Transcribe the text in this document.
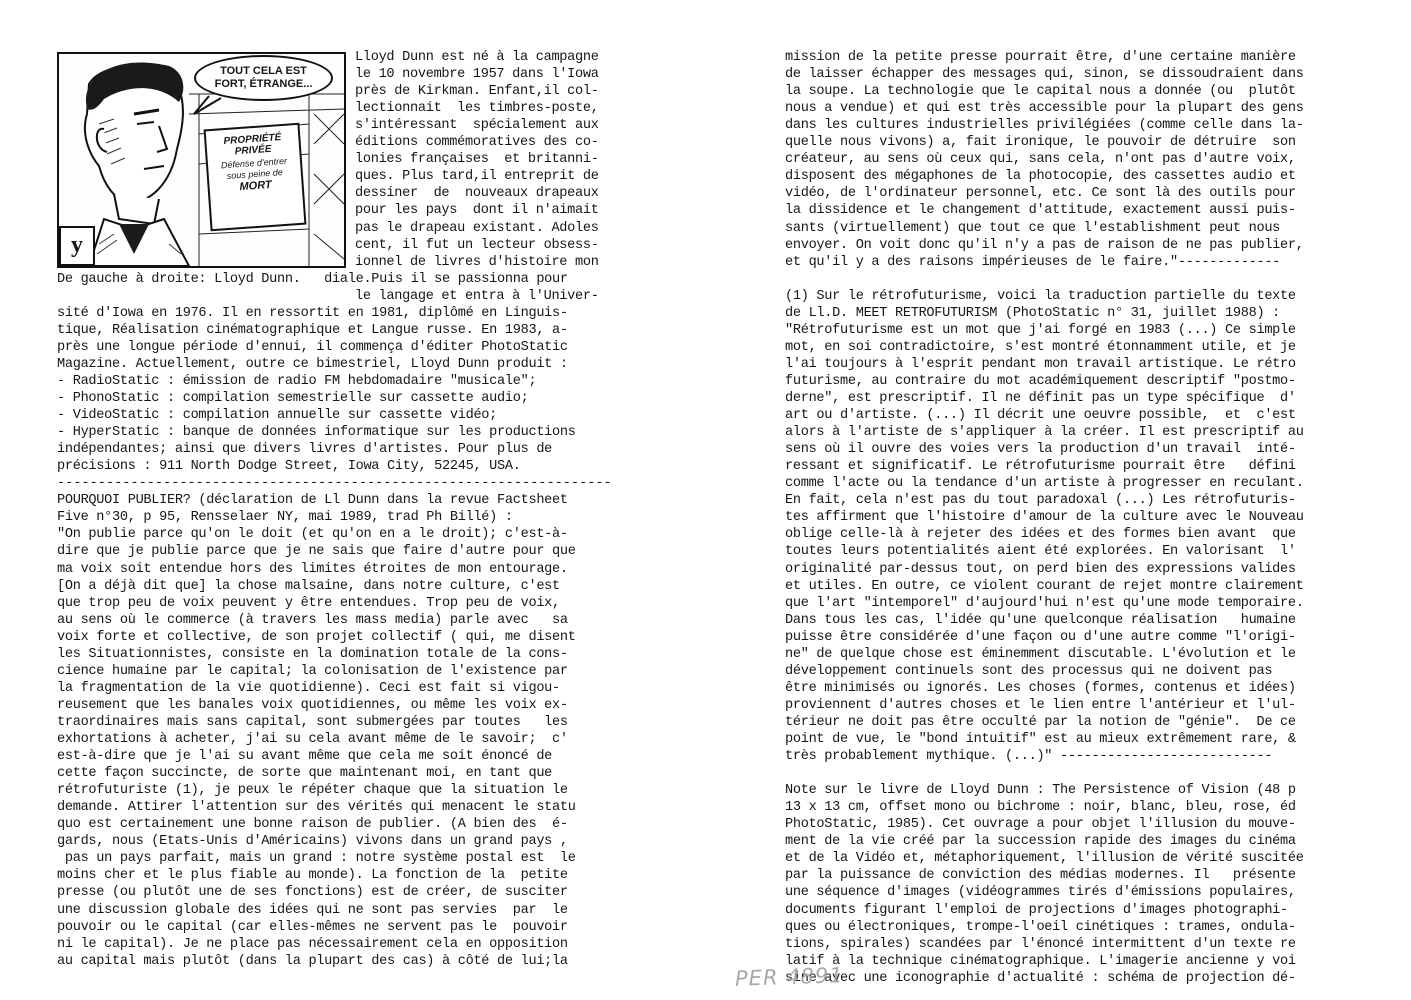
TOUT CELA EST
FORT, ÉTRANGE...
PROPRIÉTÉ
PRIVÉE
Défense d'entrer
sous peine de
MORT
y
Lloyd Dunn est né à la campagne
le 10 novembre 1957 dans l'Iowa
près de Kirkman. Enfant,il col-
lectionnait  les timbres-poste,
s'intéressant  spécialement aux
éditions commémoratives des co-
lonies françaises  et britanni-
ques. Plus tard,il entreprit de
dessiner  de  nouveaux drapeaux
pour les pays  dont il n'aimait
pas le drapeau existant. Adoles
cent, il fut un lecteur obsess-
ionnel de livres d'histoire mon
De gauche à droite: Lloyd Dunn.   diale.Puis il se passionna pour
le langage et entra à l'Univer-
sité d'Iowa en 1976. Il en ressortit en 1981, diplômé en Linguis-
tique, Réalisation cinématographique et Langue russe. En 1983, a-
près une longue période d'ennui, il commença d'éditer PhotoStatic
Magazine. Actuellement, outre ce bimestriel, Lloyd Dunn produit :
- RadioStatic : émission de radio FM hebdomadaire "musicale";
- PhonoStatic : compilation semestrielle sur cassette audio;
- VideoStatic : compilation annuelle sur cassette vidéo;
- HyperStatic : banque de données informatique sur les productions
indépendantes; ainsi que divers livres d'artistes. Pour plus de
précisions : 911 North Dodge Street, Iowa City, 52245, USA.
--------------------------------------------------------------------
POURQUOI PUBLIER? (déclaration de Ll Dunn dans la revue Factsheet
Five n°30, p 95, Rensselaer NY, mai 1989, trad Ph Billé) :
"On publie parce qu'on le doit (et qu'on en a le droit); c'est-à-
dire que je publie parce que je ne sais que faire d'autre pour que
ma voix soit entendue hors des limites étroites de mon entourage.
[On a déjà dit que] la chose malsaine, dans notre culture, c'est
que trop peu de voix peuvent y être entendues. Trop peu de voix,
au sens où le commerce (à travers les mass media) parle avec   sa
voix forte et collective, de son projet collectif ( qui, me disent
les Situationnistes, consiste en la domination totale de la cons-
cience humaine par le capital; la colonisation de l'existence par
la fragmentation de la vie quotidienne). Ceci est fait si vigou-
reusement que les banales voix quotidiennes, ou même les voix ex-
traordinaires mais sans capital, sont submergées par toutes   les
exhortations à acheter, j'ai su cela avant même de le savoir;  c'
est-à-dire que je l'ai su avant même que cela me soit énoncé de
cette façon succincte, de sorte que maintenant moi, en tant que
rétrofuturiste (1), je peux le répéter chaque que la situation le
demande. Attirer l'attention sur des vérités qui menacent le statu
quo est certainement une bonne raison de publier. (A bien des  é-
gards, nous (Etats-Unis d'Américains) vivons dans un grand pays ,
pas un pays parfait, mais un grand : notre système postal est  le
moins cher et le plus fiable au monde). La fonction de la  petite
presse (ou plutôt une de ses fonctions) est de créer, de susciter
une discussion globale des idées qui ne sont pas servies  par  le
pouvoir ou le capital (car elles-mêmes ne servent pas le  pouvoir
ni le capital). Je ne place pas nécessairement cela en opposition
au capital mais plutôt (dans la plupart des cas) à côté de lui;la
mission de la petite presse pourrait être, d'une certaine manière
de laisser échapper des messages qui, sinon, se dissoudraient dans
la soupe. La technologie que le capital nous a donnée (ou  plutôt
nous a vendue) et qui est très accessible pour la plupart des gens
dans les cultures industrielles privilégiées (comme celle dans la-
quelle nous vivons) a, fait ironique, le pouvoir de détruire  son
créateur, au sens où ceux qui, sans cela, n'ont pas d'autre voix,
disposent des mégaphones de la photocopie, des cassettes audio et
vidéo, de l'ordinateur personnel, etc. Ce sont là des outils pour
la dissidence et le changement d'attitude, exactement aussi puis-
sants (virtuellement) que tout ce que l'establishment peut nous
envoyer. On voit donc qu'il n'y a pas de raison de ne pas publier,
et qu'il y a des raisons impérieuses de le faire."-------------
(1) Sur le rétrofuturisme, voici la traduction partielle du texte
de Ll.D. MEET RETROFUTURISM (PhotoStatic n° 31, juillet 1988) :
"Rétrofuturisme est un mot que j'ai forgé en 1983 (...) Ce simple
mot, en soi contradictoire, s'est montré étonnamment utile, et je
l'ai toujours à l'esprit pendant mon travail artistique. Le rétro
futurisme, au contraire du mot académiquement descriptif "postmo-
derne", est prescriptif. Il ne définit pas un type spécifique  d'
art ou d'artiste. (...) Il décrit une oeuvre possible,  et  c'est
alors à l'artiste de s'appliquer à la créer. Il est prescriptif au
sens où il ouvre des voies vers la production d'un travail  inté-
ressant et significatif. Le rétrofuturisme pourrait être   défini
comme l'acte ou la tendance d'un artiste à progresser en reculant.
En fait, cela n'est pas du tout paradoxal (...) Les rétrofuturis-
tes affirment que l'histoire d'amour de la culture avec le Nouveau
oblige celle-là à rejeter des idées et des formes bien avant  que
toutes leurs potentialités aient été explorées. En valorisant  l'
originalité par-dessus tout, on perd bien des expressions valides
et utiles. En outre, ce violent courant de rejet montre clairement
que l'art "intemporel" d'aujourd'hui n'est qu'une mode temporaire.
Dans tous les cas, l'idée qu'une quelconque réalisation   humaine
puisse être considérée d'une façon ou d'une autre comme "l'origi-
ne" de quelque chose est éminemment discutable. L'évolution et le
développement continuels sont des processus qui ne doivent pas
être minimisés ou ignorés. Les choses (formes, contenus et idées)
proviennent d'autres choses et le lien entre l'antérieur et l'ul-
térieur ne doit pas être occulté par la notion de "génie".  De ce
point de vue, le "bond intuitif" est au mieux extrêmement rare, &
très probablement mythique. (...)" ---------------------------
Note sur le livre de Lloyd Dunn : The Persistence of Vision (48 p
13 x 13 cm, offset mono ou bichrome : noir, blanc, bleu, rose, éd
PhotoStatic, 1985). Cet ouvrage a pour objet l'illusion du mouve-
ment de la vie créé par la succession rapide des images du cinéma
et de la Vidéo et, métaphoriquement, l'illusion de vérité suscitée
par la puissance de conviction des médias modernes. Il   présente
une séquence d'images (vidéogrammes tirés d'émissions populaires,
documents figurant l'emploi de projections d'images photographi-
ques ou électroniques, trompe-l'oeil cinétiques : trames, ondula-
tions, spirales) scandées par l'énoncé intermittent d'un texte re
latif à la technique cinématographique. L'imagerie ancienne y voi
sine avec une iconographie d'actualité : schéma de projection dé-
PER 4891
